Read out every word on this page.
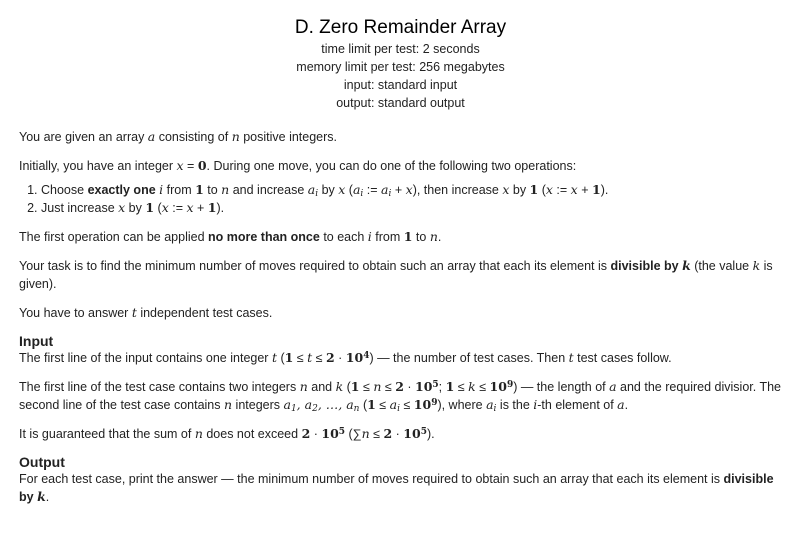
D. Zero Remainder Array
time limit per test: 2 seconds
memory limit per test: 256 megabytes
input: standard input
output: standard output

You are given an array a consisting of n positive integers.

Initially, you have an integer x = 0. During one move, you can do one of the following two operations:

1. Choose exactly one i from 1 to n and increase $a_i$ by x ($a_i$ := $a_i + x$), then increase x by 1 (x := x + 1).
2. Just increase x by 1 (x := x + 1).

The first operation can be applied no more than once to each i from 1 to n.

Your task is to find the minimum number of moves required to obtain such an array that each its element is divisible by k (the value k is given).

You have to answer t independent test cases.

Input

The first line of the input contains one integer t $(1 \le t \le 2 \cdot 10^4)$ — the number of test cases. Then t test cases follow.

The first line of the test case contains two integers n and k ($1 \le n \le 2 \cdot 10^5$; $1 \le k \le 10^9$) — the length of a and the required divisior. The second line of the test case contains n integers $a_1$, $a_2$, …, $a_n$ $(1 \le a_i \le 10^9)$, where $a_i$ is the i-th element of a.

It is guaranteed that the sum of n does not exceed $2 \cdot 10^5$ $(\sum n \le 2 \cdot 10^5)$.

Output

For each test case, print the answer — the minimum number of moves required to obtain such an array that each its element is divisible by k.
